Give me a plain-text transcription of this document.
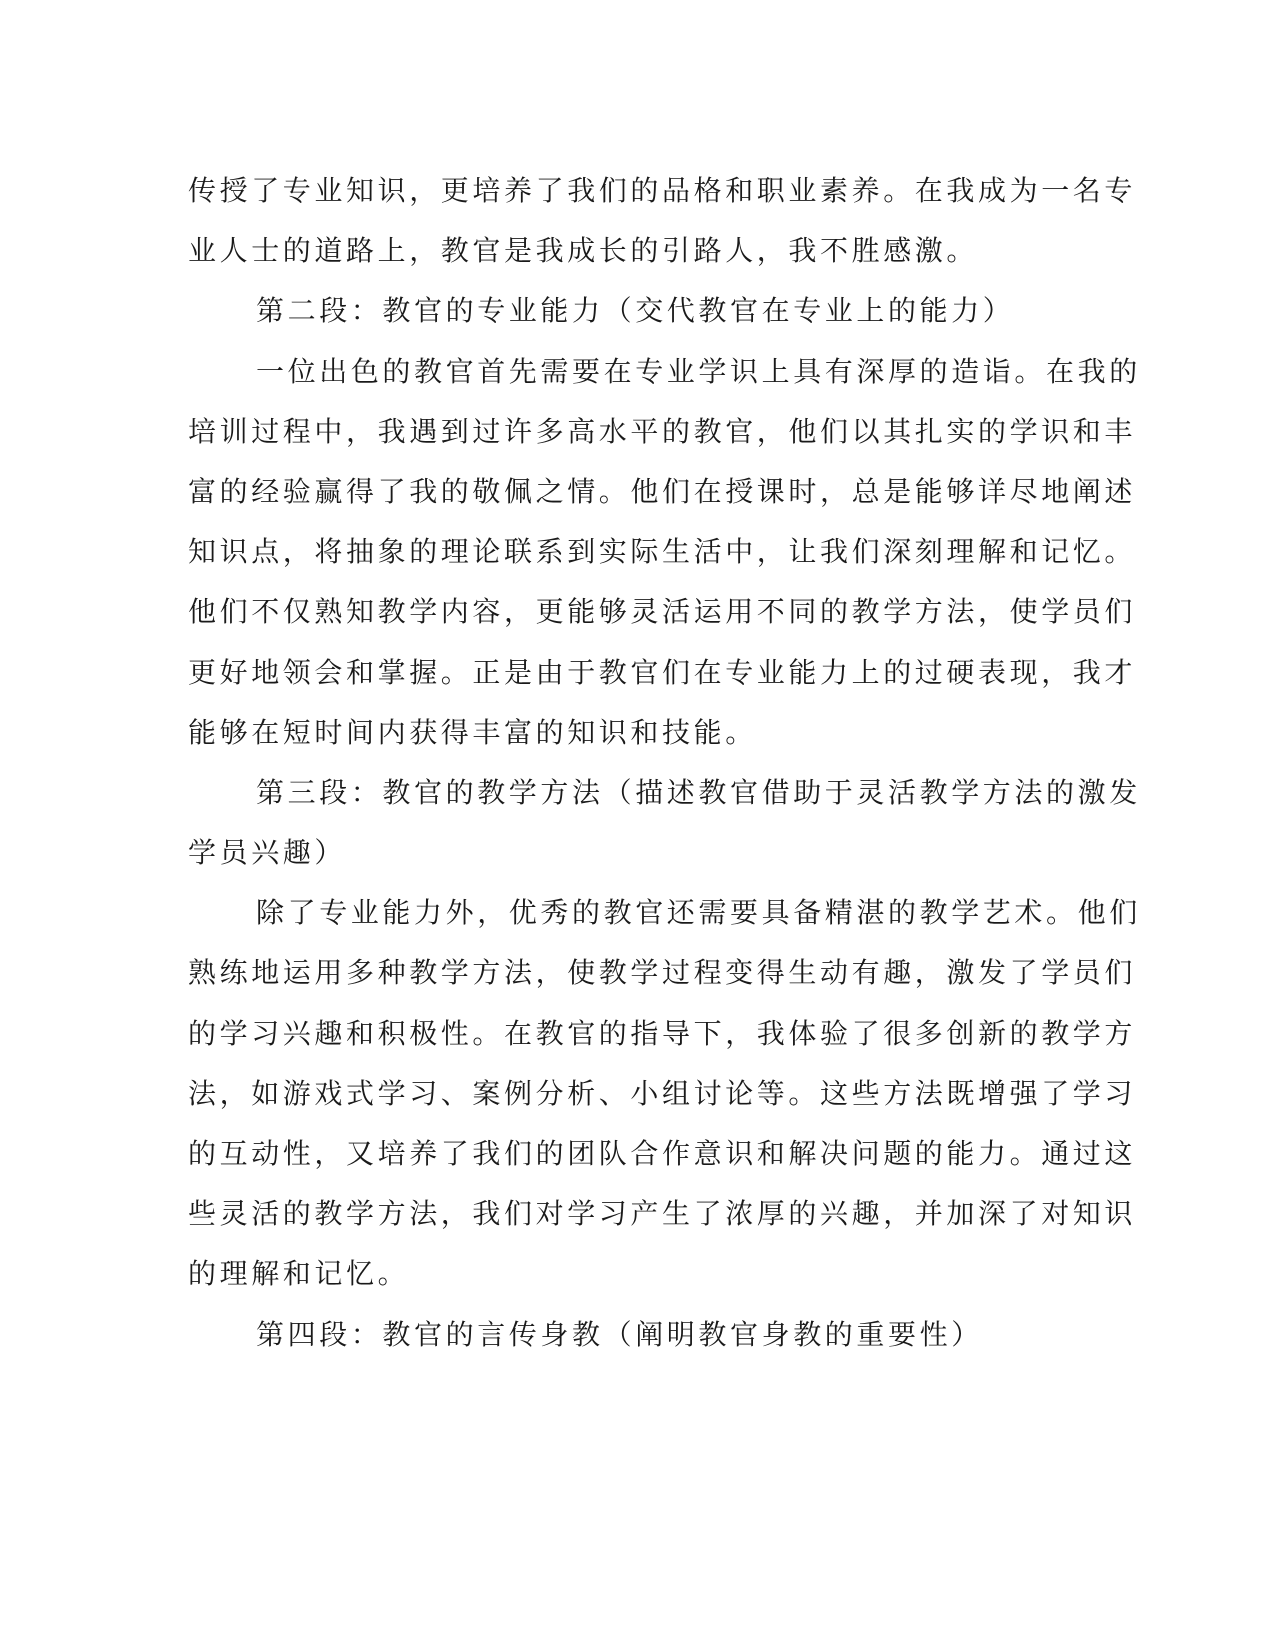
传授了专业知识，更培养了我们的品格和职业素养。在我成为一名专
业人士的道路上，教官是我成长的引路人，我不胜感激。
第二段：教官的专业能力（交代教官在专业上的能力）
一位出色的教官首先需要在专业学识上具有深厚的造诣。在我的
培训过程中，我遇到过许多高水平的教官，他们以其扎实的学识和丰
富的经验赢得了我的敬佩之情。他们在授课时，总是能够详尽地阐述
知识点，将抽象的理论联系到实际生活中，让我们深刻理解和记忆。
他们不仅熟知教学内容，更能够灵活运用不同的教学方法，使学员们
更好地领会和掌握。正是由于教官们在专业能力上的过硬表现，我才
能够在短时间内获得丰富的知识和技能。
第三段：教官的教学方法（描述教官借助于灵活教学方法的激发
学员兴趣）
除了专业能力外，优秀的教官还需要具备精湛的教学艺术。他们
熟练地运用多种教学方法，使教学过程变得生动有趣，激发了学员们
的学习兴趣和积极性。在教官的指导下，我体验了很多创新的教学方
法，如游戏式学习、案例分析、小组讨论等。这些方法既增强了学习
的互动性，又培养了我们的团队合作意识和解决问题的能力。通过这
些灵活的教学方法，我们对学习产生了浓厚的兴趣，并加深了对知识
的理解和记忆。
第四段：教官的言传身教（阐明教官身教的重要性）
